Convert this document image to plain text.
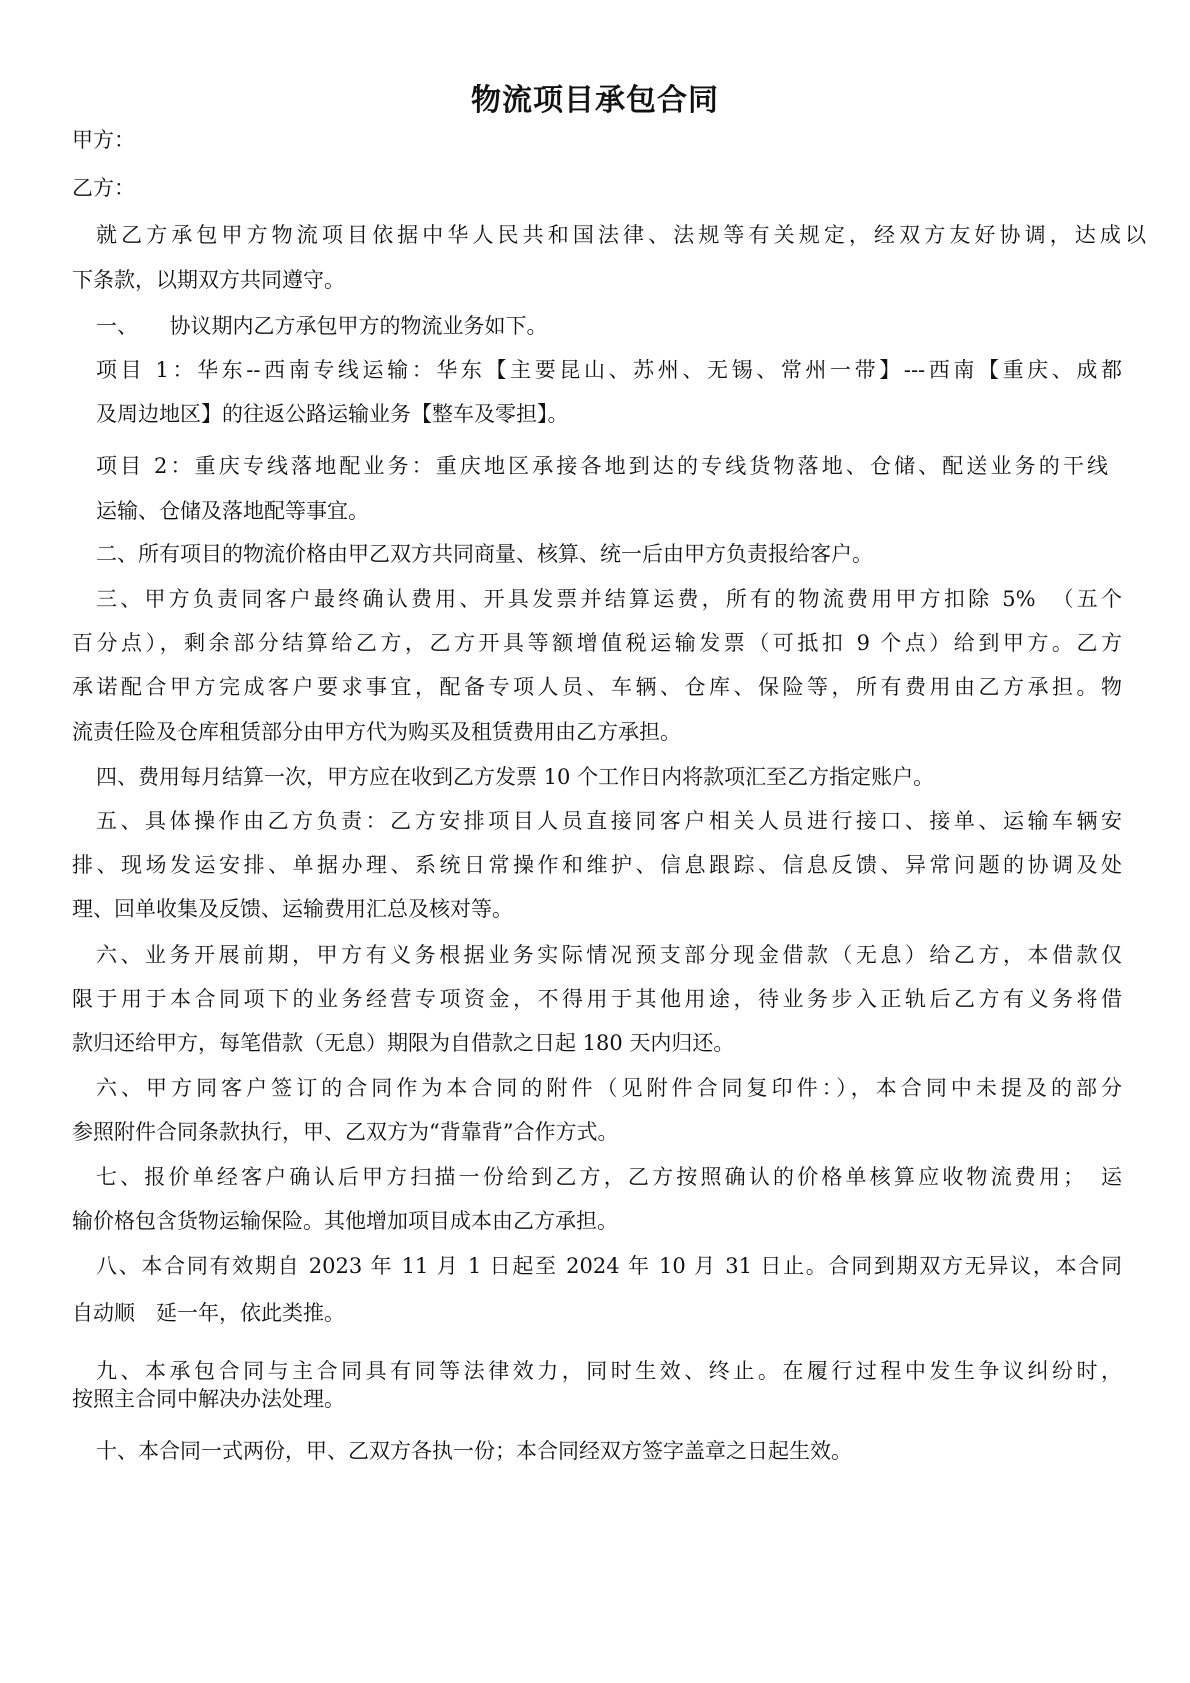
物流项目承包合同
甲方：
乙方：
就乙方承包甲方物流项目依据中华人民共和国法律、法规等有关规定，经双方友好协调，达成以
下条款，以期双方共同遵守。
一、　　协议期内乙方承包甲方的物流业务如下。
项目 1：华东--西南专线运输：华东【主要昆山、苏州、无锡、常州一带】---西南【重庆、成都
及周边地区】的往返公路运输业务【整车及零担】。
项目 2：重庆专线落地配业务：重庆地区承接各地到达的专线货物落地、仓储、配送业务的干线
运输、仓储及落地配等事宜。
二、所有项目的物流价格由甲乙双方共同商量、核算、统一后由甲方负责报给客户。
三、甲方负责同客户最终确认费用、开具发票并结算运费，所有的物流费用甲方扣除 5%　（五个
百分点），剩余部分结算给乙方，乙方开具等额增值税运输发票（可抵扣 9 个点）给到甲方。乙方
承诺配合甲方完成客户要求事宜，配备专项人员、车辆、仓库、保险等，所有费用由乙方承担。物
流责任险及仓库租赁部分由甲方代为购买及租赁费用由乙方承担。
四、费用每月结算一次，甲方应在收到乙方发票 10 个工作日内将款项汇至乙方指定账户。
五、具体操作由乙方负责：乙方安排项目人员直接同客户相关人员进行接口、接单、运输车辆安
排、现场发运安排、单据办理、系统日常操作和维护、信息跟踪、信息反馈、异常问题的协调及处
理、回单收集及反馈、运输费用汇总及核对等。
六、业务开展前期，甲方有义务根据业务实际情况预支部分现金借款（无息）给乙方，本借款仅
限于用于本合同项下的业务经营专项资金，不得用于其他用途，待业务步入正轨后乙方有义务将借
款归还给甲方，每笔借款（无息）期限为自借款之日起 180 天内归还。
六、甲方同客户签订的合同作为本合同的附件（见附件合同复印件：），本合同中未提及的部分
参照附件合同条款执行，甲、乙双方为“背靠背”合作方式。
七、报价单经客户确认后甲方扫描一份给到乙方，乙方按照确认的价格单核算应收物流费用；　运
输价格包含货物运输保险。其他增加项目成本由乙方承担。
八、本合同有效期自 2023 年 11 月 1 日起至 2024 年 10 月 31 日止。合同到期双方无异议，本合同
自动顺　延一年，依此类推。
九、本承包合同与主合同具有同等法律效力，同时生效、终止。在履行过程中发生争议纠纷时，
按照主合同中解决办法处理。
十、本合同一式两份，甲、乙双方各执一份；本合同经双方签字盖章之日起生效。
